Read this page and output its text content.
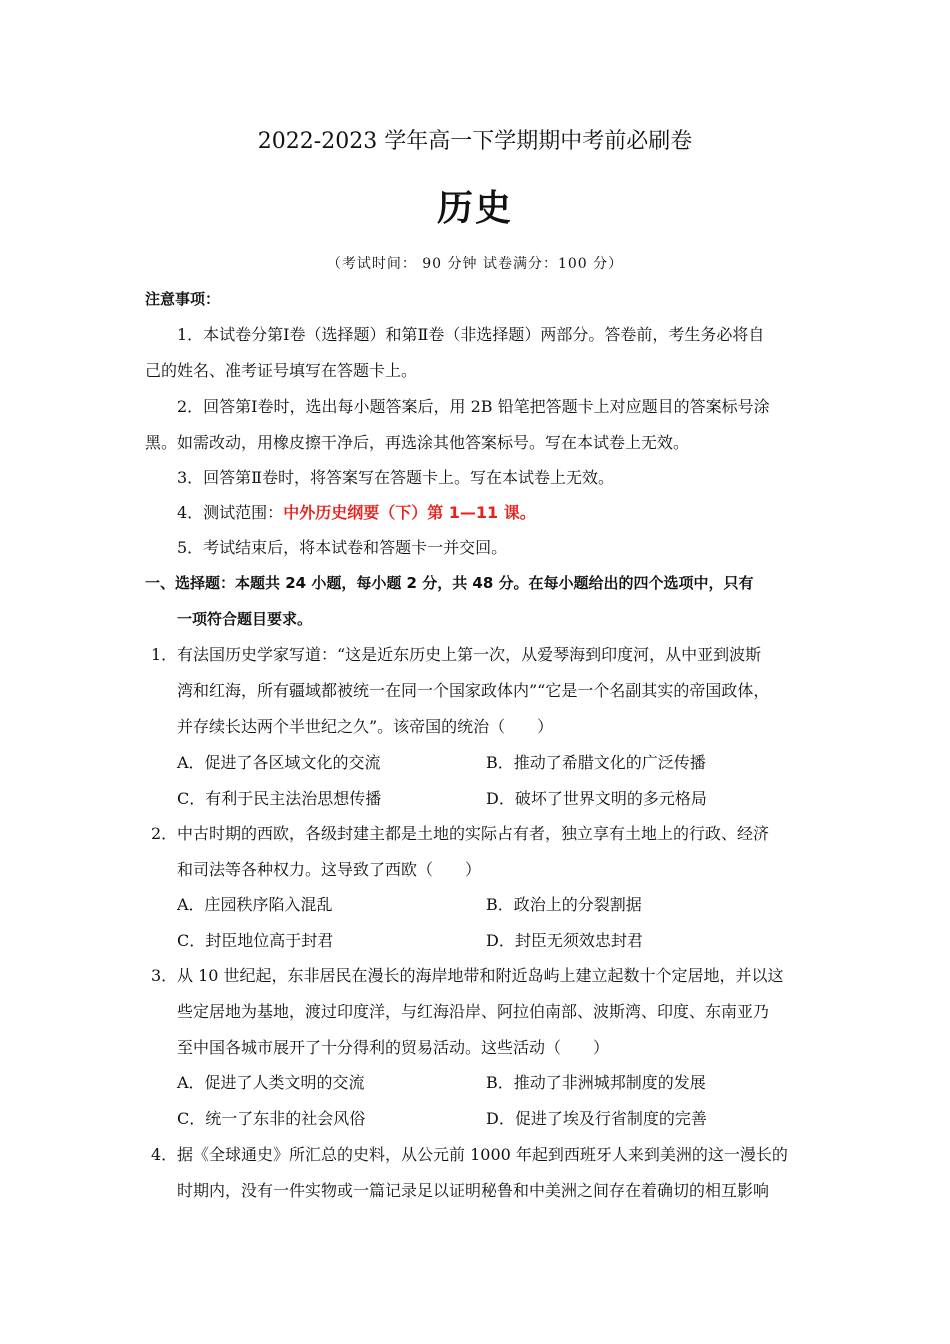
2022-2023 学年高一下学期期中考前必刷卷
历史
（考试时间： 90 分钟 试卷满分：100 分）
注意事项：
1．本试卷分第Ⅰ卷（选择题）和第Ⅱ卷（非选择题）两部分。答卷前，考生务必将自
己的姓名、准考证号填写在答题卡上。
2．回答第Ⅰ卷时，选出每小题答案后，用 2B 铅笔把答题卡上对应题目的答案标号涂
黑。如需改动，用橡皮擦干净后，再选涂其他答案标号。写在本试卷上无效。
3．回答第Ⅱ卷时，将答案写在答题卡上。写在本试卷上无效。
4．测试范围：中外历史纲要（下）第 1—11 课。
5．考试结束后，将本试卷和答题卡一并交回。
一、选择题：本题共 24 小题，每小题 2 分，共 48 分。在每小题给出的四个选项中，只有
一项符合题目要求。
1． 有法国历史学家写道：“这是近东历史上第一次，从爱琴海到印度河，从中亚到波斯
湾和红海，所有疆域都被统一在同一个国家政体内”“它是一个名副其实的帝国政体，
并存续长达两个半世纪之久”。该帝国的统治（　　）
A．促进了各区域文化的交流	B．推动了希腊文化的广泛传播
C．有利于民主法治思想传播	D．破坏了世界文明的多元格局
2． 中古时期的西欧，各级封建主都是土地的实际占有者，独立享有土地上的行政、经济
和司法等各种权力。这导致了西欧（　　）
A．庄园秩序陷入混乱	B．政治上的分裂割据
C．封臣地位高于封君	D．封臣无须效忠封君
3． 从 10 世纪起，东非居民在漫长的海岸地带和附近岛屿上建立起数十个定居地，并以这
些定居地为基地，渡过印度洋，与红海沿岸、阿拉伯南部、波斯湾、印度、东南亚乃
至中国各城市展开了十分得利的贸易活动。这些活动（　　）
A．促进了人类文明的交流	B．推动了非洲城邦制度的发展
C．统一了东非的社会风俗	D．促进了埃及行省制度的完善
4． 据《全球通史》所汇总的史料，从公元前 1000 年起到西班牙人来到美洲的这一漫长的
时期内，没有一件实物或一篇记录足以证明秘鲁和中美洲之间存在着确切的相互影响
